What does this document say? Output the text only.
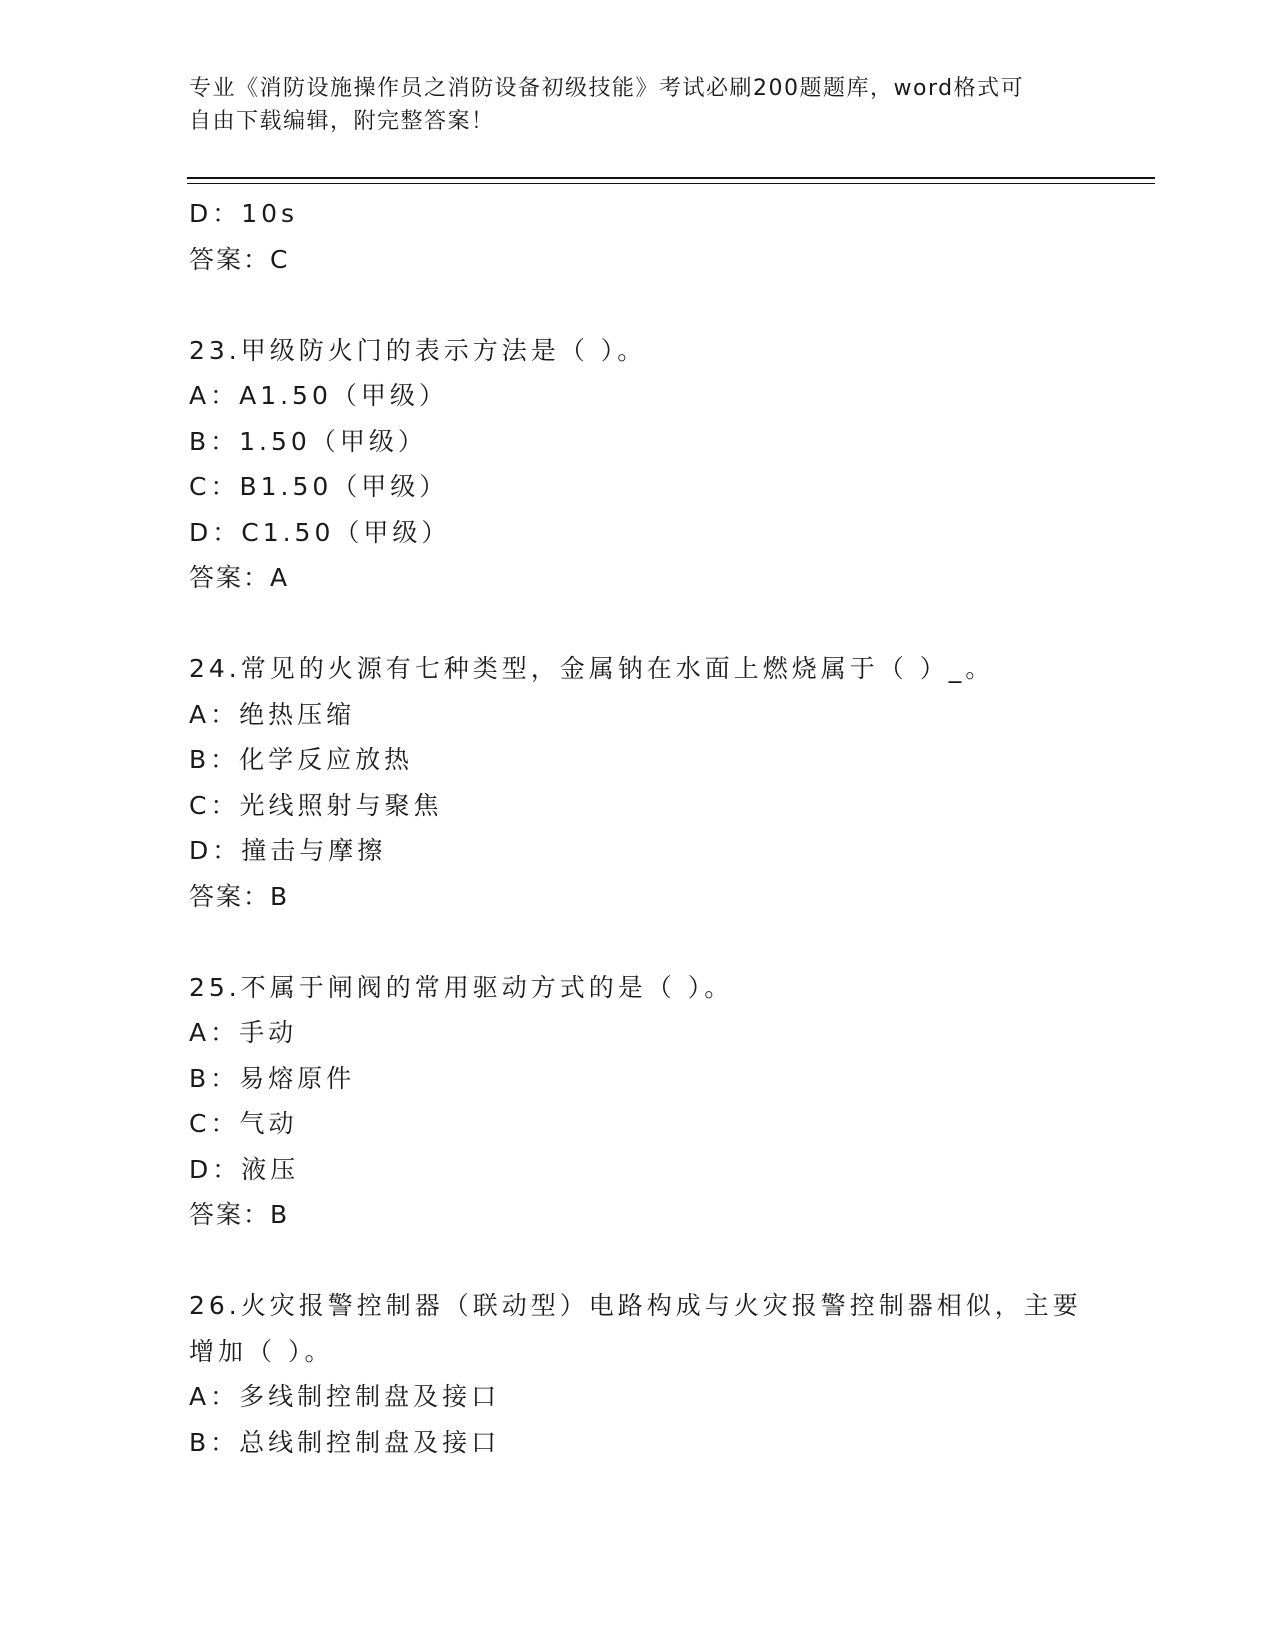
专业《消防设施操作员之消防设备初级技能》考试必刷200题题库，word格式可
自由下载编辑，附完整答案！
D：10s
答案：C
23.甲级防火门的表示方法是（ ）。
A：A1.50（甲级）
B：1.50（甲级）
C：B1.50（甲级）
D：C1.50（甲级）
答案：A
24.常见的火源有七种类型，金属钠在水面上燃烧属于（ ）_。
A：绝热压缩
B：化学反应放热
C：光线照射与聚焦
D：撞击与摩擦
答案：B
25.不属于闸阀的常用驱动方式的是（ ）。
A：手动
B：易熔原件
C：气动
D：液压
答案：B
26.火灾报警控制器（联动型）电路构成与火灾报警控制器相似，主要
增加（ ）。
A：多线制控制盘及接口
B：总线制控制盘及接口
